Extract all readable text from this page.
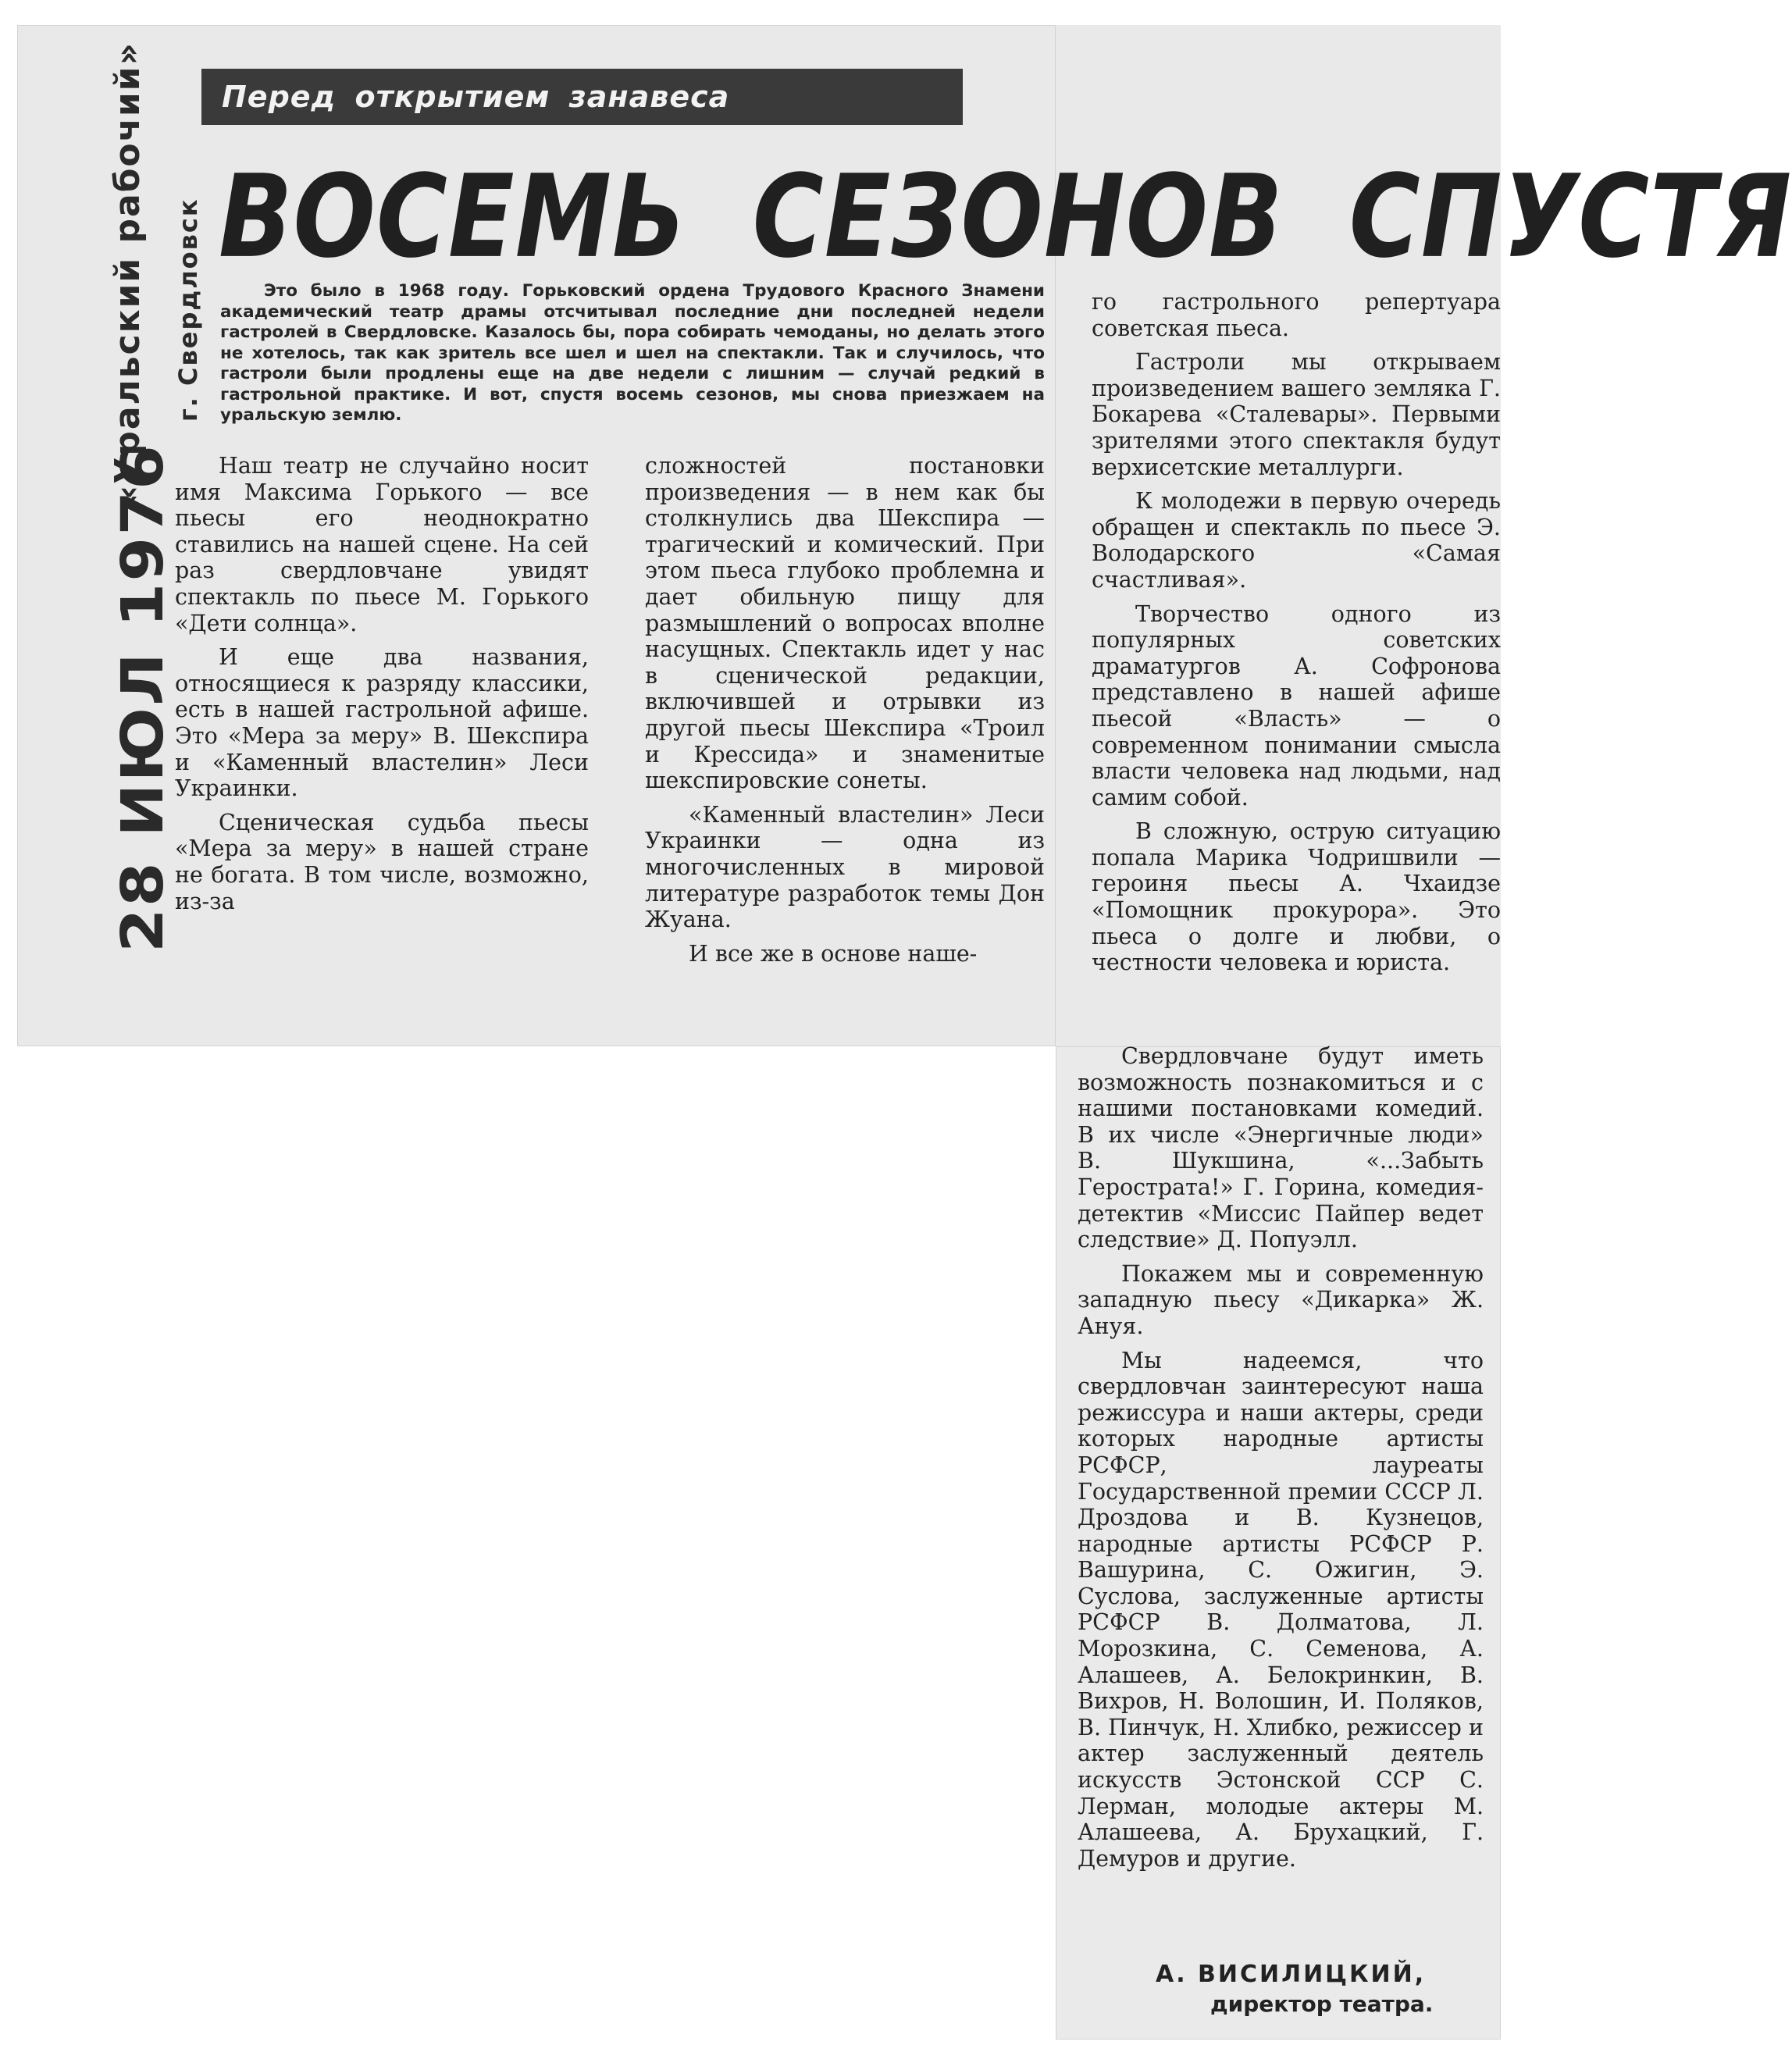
«Уральский рабочий» г. Свердловск
28 ИЮЛ 1976
Перед открытием занавеса
ВОСЕМЬ СЕЗОНОВ СПУСТЯ
Это было в 1968 году. Горьковский ордена Трудового Красного Знамени академический театр драмы отсчитывал последние дни последней недели гастролей в Свердловске. Казалось бы, пора собирать чемоданы, но делать этого не хотелось, так как зритель все шел и шел на спектакли. Так и случилось, что гастроли были продлены еще на две недели с лишним — случай редкий в гастрольной практике. И вот, спустя восемь сезонов, мы снова приезжаем на уральскую землю.

Наш театр не случайно носит имя Максима Горького — все пьесы его неоднократно ставились на нашей сцене. На сей раз свердловчане увидят спектакль по пьесе М. Горького «Дети солнца».

И еще два названия, относящиеся к разряду классики, есть в нашей гастрольной афише. Это «Мера за меру» В. Шекспира и «Каменный властелин» Леси Украинки.

Сценическая судьба пьесы «Мера за меру» в нашей стране не богата. В том числе, возможно, из-за

сложностей постановки произведения — в нем как бы столкнулись два Шекспира — трагический и комический. При этом пьеса глубоко проблемна и дает обильную пищу для размышлений о вопросах вполне насущных. Спектакль идет у нас в сценической редакции, включившей и отрывки из другой пьесы Шекспира «Троил и Крессида» и знаменитые шекспировские сонеты.

«Каменный властелин» Леси Украинки — одна из многочисленных в мировой литературе разработок темы Дон Жуана.

И все же в основе наше-

го гастрольного репертуара советская пьеса.

Гастроли мы открываем произведением вашего земляка Г. Бокарева «Сталевары». Первыми зрителями этого спектакля будут верхисетские металлурги.

К молодежи в первую очередь обращен и спектакль по пьесе Э. Володарского «Самая счастливая».

Творчество одного из популярных советских драматургов А. Софронова представлено в нашей афише пьесой «Власть» — о современном понимании смысла власти человека над людьми, над самим собой.

В сложную, острую ситуацию попала Марика Чодришвили — героиня пьесы А. Чхаидзе «Помощник прокурора». Это пьеса о долге и любви, о честности человека и юриста.

Свердловчане будут иметь возможность познакомиться и с нашими постановками комедий. В их числе «Энергичные люди» В. Шукшина, «...Забыть Герострата!» Г. Горина, комедия-детектив «Миссис Пайпер ведет следствие» Д. Попуэлл.

Покажем мы и современную западную пьесу «Дикарка» Ж. Ануя.

Мы надеемся, что свердловчан заинтересуют наша режиссура и наши актеры, среди которых народные артисты РСФСР, лауреаты Государственной премии СССР Л. Дроздова и В. Кузнецов, народные артисты РСФСР Р. Вашурина, С. Ожигин, Э. Суслова, заслуженные артисты РСФСР В. Долматова, Л. Морозкина, С. Семенова, А. Алашеев, А. Белокринкин, В. Вихров, Н. Волошин, И. Поляков, В. Пинчук, Н. Хлибко, режиссер и актер заслуженный деятель искусств Эстонской ССР С. Лерман, молодые актеры М. Алашеева, А. Брухацкий, Г. Демуров и другие.

А. ВИСИЛИЦКИЙ,
директор театра.
